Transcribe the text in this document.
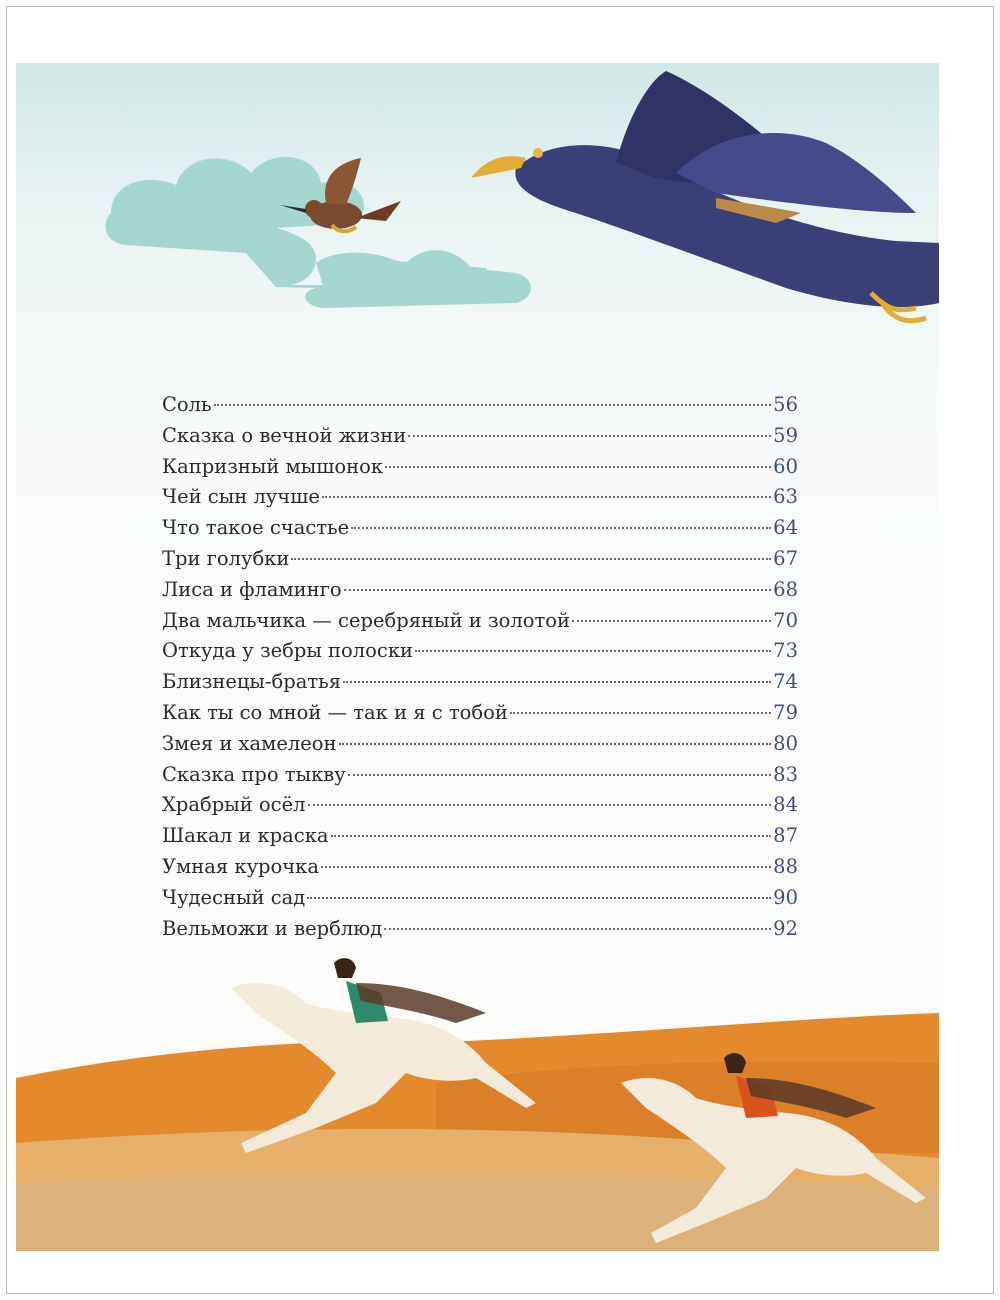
Соль	56
Сказка о вечной жизни	59
Капризный мышонок	60
Чей сын лучше	63
Что такое счастье	64
Три голубки	67
Лиса и фламинго	68
Два мальчика — серебряный и золотой	70
Откуда у зебры полоски	73
Близнецы-братья	74
Как ты со мной — так и я с тобой	79
Змея и хамелеон	80
Сказка про тыкву	83
Храбрый осёл	84
Шакал и краска	87
Умная курочка	88
Чудесный сад	90
Вельможи и верблюд	92
